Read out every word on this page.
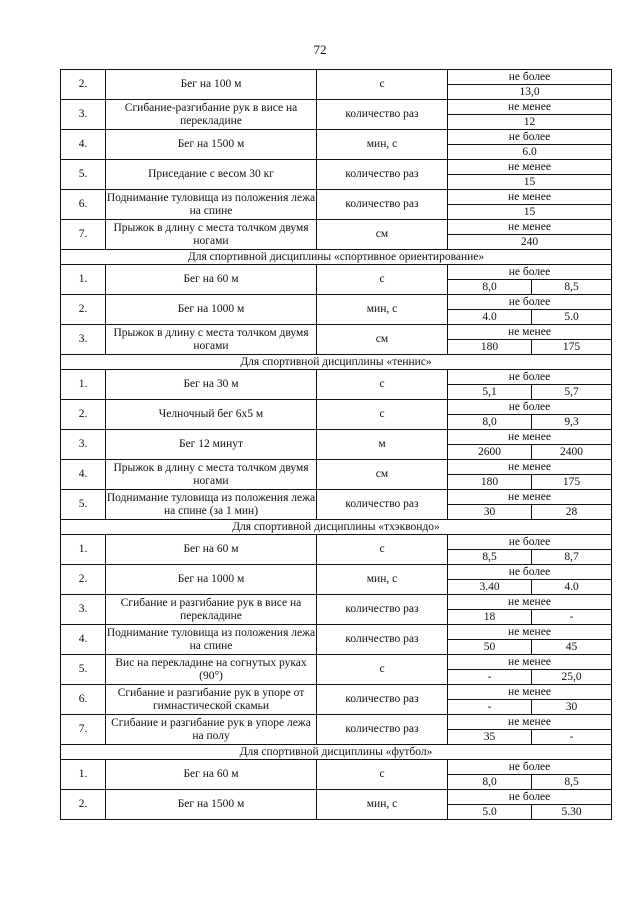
72
2.	Бег на 100 м	с	не более	
			13,0	
3.	Сгибание-разгибание рук в висе на перекладине	количество раз	не менее	
			12	
4.	Бег на 1500 м	мин, с	не более	
			6.0	
5.	Приседание с весом 30 кг	количество раз	не менее	
			15	
6.	Поднимание туловища из положения лежа на спине	количество раз	не менее	
			15	
7.	Прыжок в длину с места толчком двумя ногами	см	не менее	
			240	
Для спортивной дисциплины «спортивное ориентирование»				
1.	Бег на 60 м	с	не более	
			8,0	8,5
2.	Бег на 1000 м	мин, с	не более	
			4.0	5.0
3.	Прыжок в длину с места толчком двумя ногами	см	не менее	
			180	175
Для спортивной дисциплины «теннис»				
1.	Бег на 30 м	с	не более	
			5,1	5,7
2.	Челночный бег 6х5 м	с	не более	
			8,0	9,3
3.	Бег 12 минут	м	не менее	
			2600	2400
4.	Прыжок в длину с места толчком двумя ногами	см	не менее	
			180	175
5.	Поднимание туловища из положения лежа на спине (за 1 мин)	количество раз	не менее	
			30	28
Для спортивной дисциплины «тхэквондо»				
1.	Бег на 60 м	с	не более	
			8,5	8,7
2.	Бег на 1000 м	мин, с	не более	
			3.40	4.0
3.	Сгибание и разгибание рук в висе на перекладине	количество раз	не менее	
			18	-
4.	Поднимание туловища из положения лежа на спине	количество раз	не менее	
			50	45
5.	Вис на перекладине на согнутых руках (90°)	с	не менее	
			-	25,0
6.	Сгибание и разгибание рук в упоре от гимнастической скамьи	количество раз	не менее	
			-	30
7.	Сгибание и разгибание рук в упоре лежа на полу	количество раз	не менее	
			35	-
Для спортивной дисциплины «футбол»				
1.	Бег на 60 м	с	не более	
			8,0	8,5
2.	Бег на 1500 м	мин, с	не более	
			5.0	5.30
